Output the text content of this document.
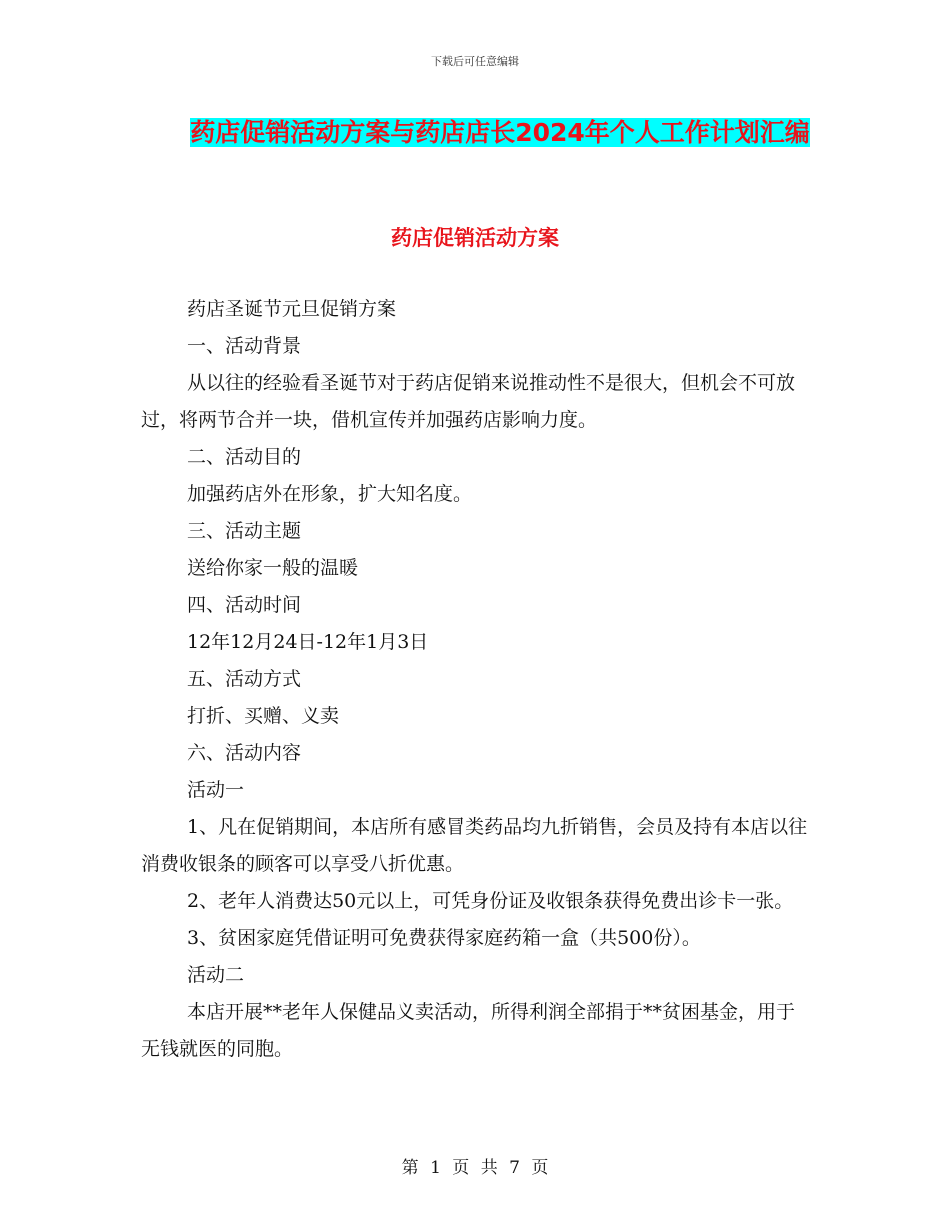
下载后可任意编辑
药店促销活动方案与药店店长2024年个人工作计划汇编
药店促销活动方案

药店圣诞节元旦促销方案

一、活动背景

从以往的经验看圣诞节对于药店促销来说推动性不是很大，但机会不可放过，将两节合并一块，借机宣传并加强药店影响力度。

二、活动目的

加强药店外在形象，扩大知名度。

三、活动主题

送给你家一般的温暖

四、活动时间

12年12月24日-12年1月3日

五、活动方式

打折、买赠、义卖

六、活动内容

活动一

1、凡在促销期间，本店所有感冒类药品均九折销售，会员及持有本店以往消费收银条的顾客可以享受八折优惠。

2、老年人消费达50元以上，可凭身份证及收银条获得免费出诊卡一张。

3、贫困家庭凭借证明可免费获得家庭药箱一盒（共500份）。

活动二

本店开展**老年人保健品义卖活动，所得利润全部捐于**贫困基金，用于无钱就医的同胞。

第 1 页 共 7 页
